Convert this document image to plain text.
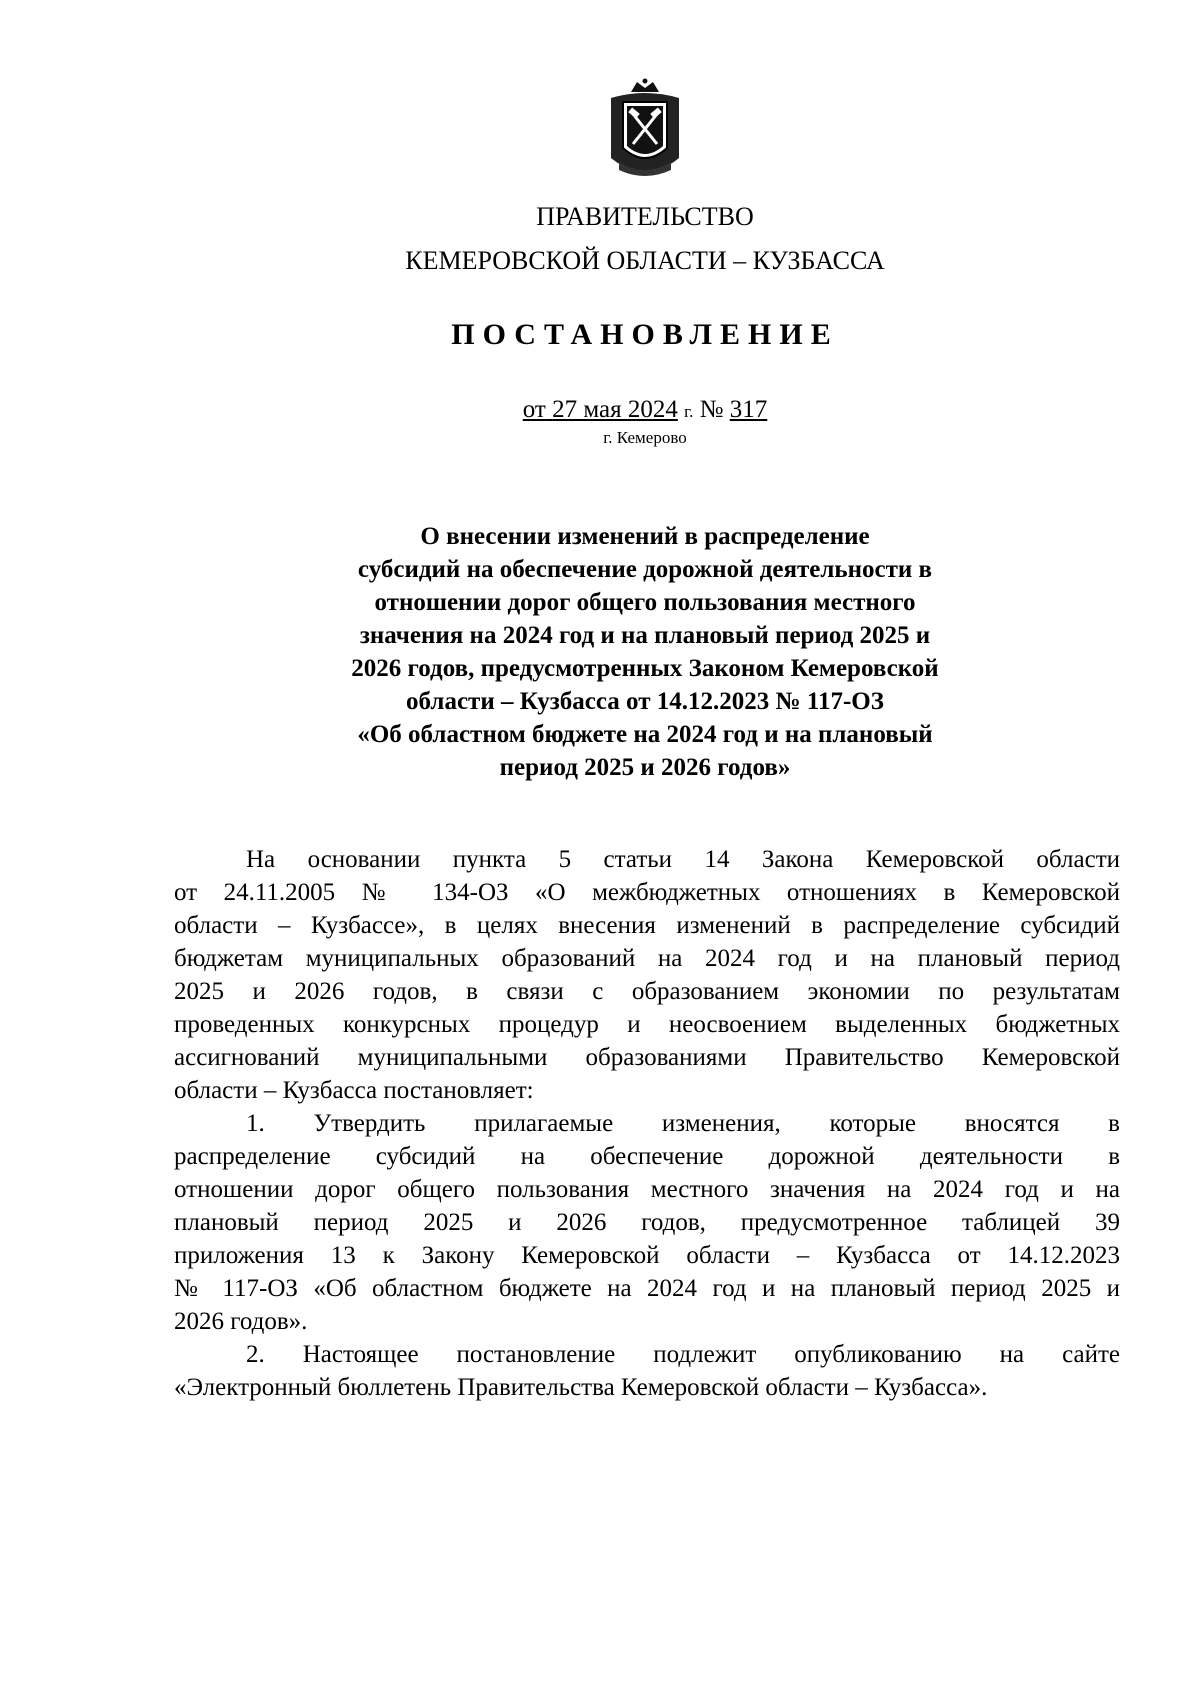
ПРАВИТЕЛЬСТВО
КЕМЕРОВСКОЙ ОБЛАСТИ – КУЗБАССА
ПОСТАНОВЛЕНИЕ
от 27 мая 2024 г. № 317
г. Кемерово
О внесении изменений в распределение
субсидий на обеспечение дорожной деятельности в
отношении дорог общего пользования местного
значения на 2024 год и на плановый период 2025 и
2026 годов, предусмотренных Законом Кемеровской
области – Кузбасса от 14.12.2023 № 117-ОЗ
«Об областном бюджете на 2024 год и на плановый
период 2025 и 2026 годов»
На основании пункта 5 статьи 14 Закона Кемеровской области
от 24.11.2005 № 134-ОЗ «О межбюджетных отношениях в Кемеровской
области – Кузбассе», в целях внесения изменений в распределение субсидий
бюджетам муниципальных образований на 2024 год и на плановый период
2025 и 2026 годов, в связи с образованием экономии по результатам
проведенных конкурсных процедур и неосвоением выделенных бюджетных
ассигнований муниципальными образованиями Правительство Кемеровской
области – Кузбасса постановляет:
1. Утвердить прилагаемые изменения, которые вносятся в
распределение субсидий на обеспечение дорожной деятельности в
отношении дорог общего пользования местного значения на 2024 год и на
плановый период 2025 и 2026 годов, предусмотренное таблицей 39
приложения 13 к Закону Кемеровской области – Кузбасса от 14.12.2023
№ 117-ОЗ «Об областном бюджете на 2024 год и на плановый период 2025 и
2026 годов».
2. Настоящее постановление подлежит опубликованию на сайте
«Электронный бюллетень Правительства Кемеровской области – Кузбасса».
